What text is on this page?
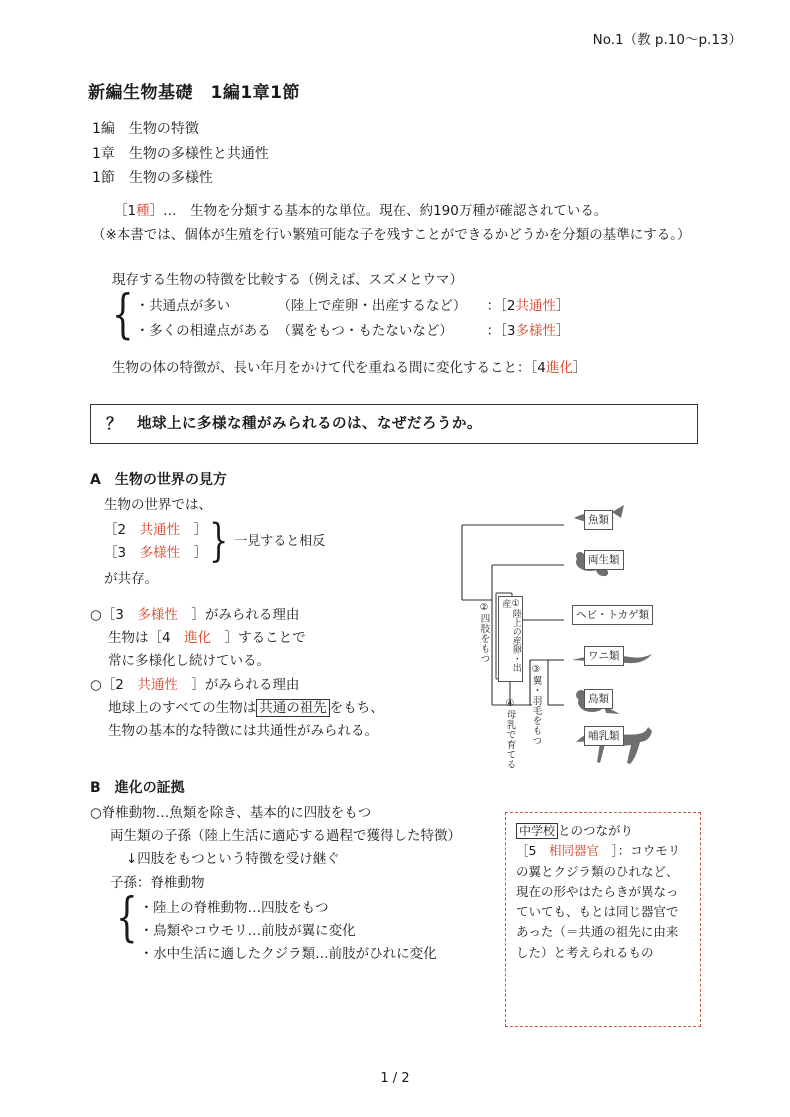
No.1（教 p.10〜p.13）
新編生物基礎　1編1章1節
1編　生物の特徴
1章　生物の多様性と共通性
1節　生物の多様性
［1種］…　生物を分類する基本的な単位。現在、約190万種が確認されている。
（※本書では、個体が生殖を行い繁殖可能な子を残すことができるかどうかを分類の基準にする。）
現存する生物の特徴を比較する（例えば、スズメとウマ）
{ ・共通点が多い　　　　（陸上で産卵・出産するなど）　　：［2共通性］
・多くの相違点がある　（翼をもつ・もたないなど）　　　：［3多様性］
生物の体の特徴が、長い年月をかけて代を重ねる間に変化すること：［4進化］
？	地球上に多様な種がみられるのは、なぜだろうか。
A　生物の世界の見方
生物の世界では、
［2　 共通性　 ］
［3　 多様性　 ］ } 一見すると相反
が共存。
○［3　 多様性　 ］がみられる理由
生物は［4　 進化　 ］することで
常に多様化し続けている。
○［2　 共通性　 ］がみられる理由
地球上のすべての生物は 共通の祖先 をもち、
生物の基本的な特徴には共通性がみられる。
B　進化の証拠
○脊椎動物…魚類を除き、基本的に四肢をもつ
両生類の子孫（陸上生活に適応する過程で獲得した特徴）
↓四肢をもつという特徴を受け継ぐ
子孫：脊椎動物
{ ・陸上の脊椎動物…四肢をもつ
・鳥類やコウモリ…前肢が翼に変化
・水中生活に適したクジラ類…前肢がひれに変化
魚類
両生類
ヘビ・トカゲ類
ワニ類
鳥類
哺乳類
②四肢をもつ	①陸上の産卵・出産
③翼・羽毛をもつ
④母乳で育てる
中学校 とのつながり
［5　 相同器官　 ］：コウモリの翼とクジラ類のひれなど、現在の形やはたらきが異なっていても、もとは同じ器官であった（＝共通の祖先に由来した）と考えられるもの
1 / 2
